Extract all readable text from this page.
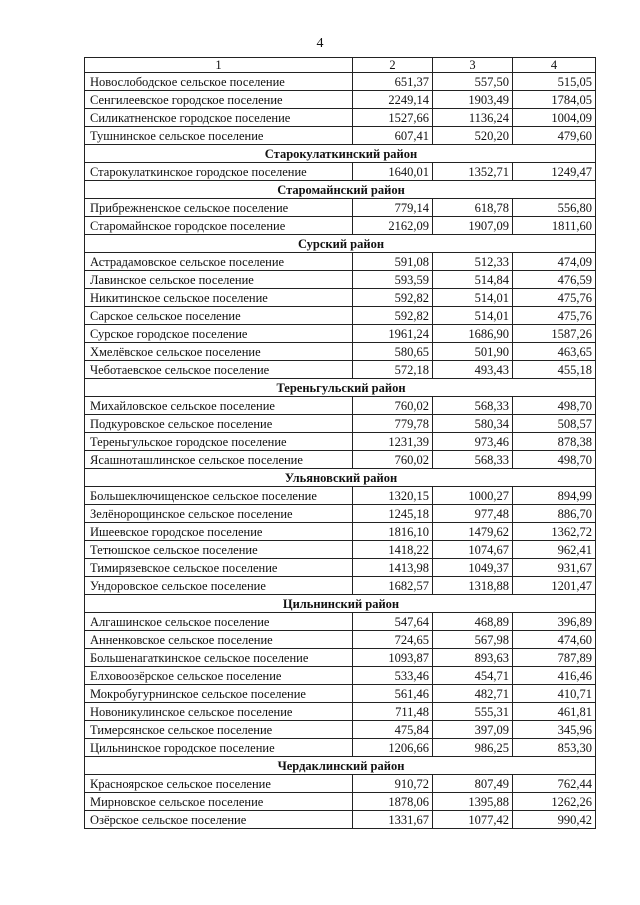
4
1	2	3	4
Новослободское сельское поселение	651,37	557,50	515,05
Сенгилеевское городское поселение	2249,14	1903,49	1784,05
Силикатненское городское поселение	1527,66	1136,24	1004,09
Тушнинское сельское поселение	607,41	520,20	479,60
Старокулаткинский район			
Старокулаткинское городское поселение	1640,01	1352,71	1249,47
Старомайнский район			
Прибрежненское сельское поселение	779,14	618,78	556,80
Старомайнское городское поселение	2162,09	1907,09	1811,60
Сурский район			
Астрадамовское сельское поселение	591,08	512,33	474,09
Лавинское сельское поселение	593,59	514,84	476,59
Никитинское сельское поселение	592,82	514,01	475,76
Сарское сельское поселение	592,82	514,01	475,76
Сурское городское поселение	1961,24	1686,90	1587,26
Хмелёвское сельское поселение	580,65	501,90	463,65
Чеботаевское сельское поселение	572,18	493,43	455,18
Тереньгульский район			
Михайловское сельское поселение	760,02	568,33	498,70
Подкуровское сельское поселение	779,78	580,34	508,57
Тереньгульское городское поселение	1231,39	973,46	878,38
Ясашноташлинское сельское поселение	760,02	568,33	498,70
Ульяновский район			
Большеключищенское сельское поселение	1320,15	1000,27	894,99
Зелёнорощинское сельское поселение	1245,18	977,48	886,70
Ишеевское городское поселение	1816,10	1479,62	1362,72
Тетюшское сельское поселение	1418,22	1074,67	962,41
Тимирязевское сельское поселение	1413,98	1049,37	931,67
Ундоровское сельское поселение	1682,57	1318,88	1201,47
Цильнинский район			
Алгашинское сельское поселение	547,64	468,89	396,89
Анненковское сельское поселение	724,65	567,98	474,60
Большенагаткинское сельское поселение	1093,87	893,63	787,89
Елховоозёрское сельское поселение	533,46	454,71	416,46
Мокробугурнинское сельское поселение	561,46	482,71	410,71
Новоникулинское сельское поселение	711,48	555,31	461,81
Тимерсянское сельское поселение	475,84	397,09	345,96
Цильнинское городское поселение	1206,66	986,25	853,30
Чердаклинский район			
Красноярское сельское поселение	910,72	807,49	762,44
Мирновское сельское поселение	1878,06	1395,88	1262,26
Озёрское сельское поселение	1331,67	1077,42	990,42
